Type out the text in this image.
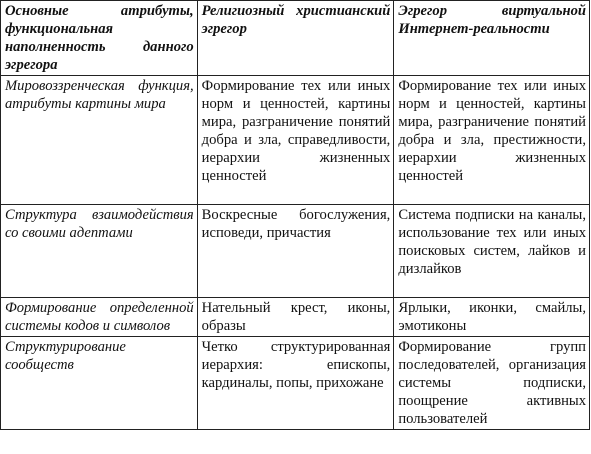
Основные атрибуты, функциональная наполненность данного эгрегора	Религиозный христианский эгрегор	Эгрегор виртуальной Интернет-реальности
Мировоззренческая функция, атрибуты картины мира	Формирование тех или иных норм и ценностей, картины мира, разграничение понятий добра и зла, справедливости, иерархии жизненных ценностей	Формирование тех или иных норм и ценностей, картины мира, разграничение понятий добра и зла, престижности, иерархии жизненных ценностей
Структура взаимодействия со своими адептами	Воскресные богослужения, исповеди, причастия	Система подписки на каналы, использование тех или иных поисковых систем, лайков и дизлайков
Формирование определенной системы кодов и символов	Нательный крест, иконы, образы	Ярлыки, иконки, смайлы, эмотиконы
Структурирование сообществ	Четко структурированная иерархия: епископы, кардиналы, попы, прихожане	Формирование групп последователей, организация системы подписки, поощрение активных пользователей
